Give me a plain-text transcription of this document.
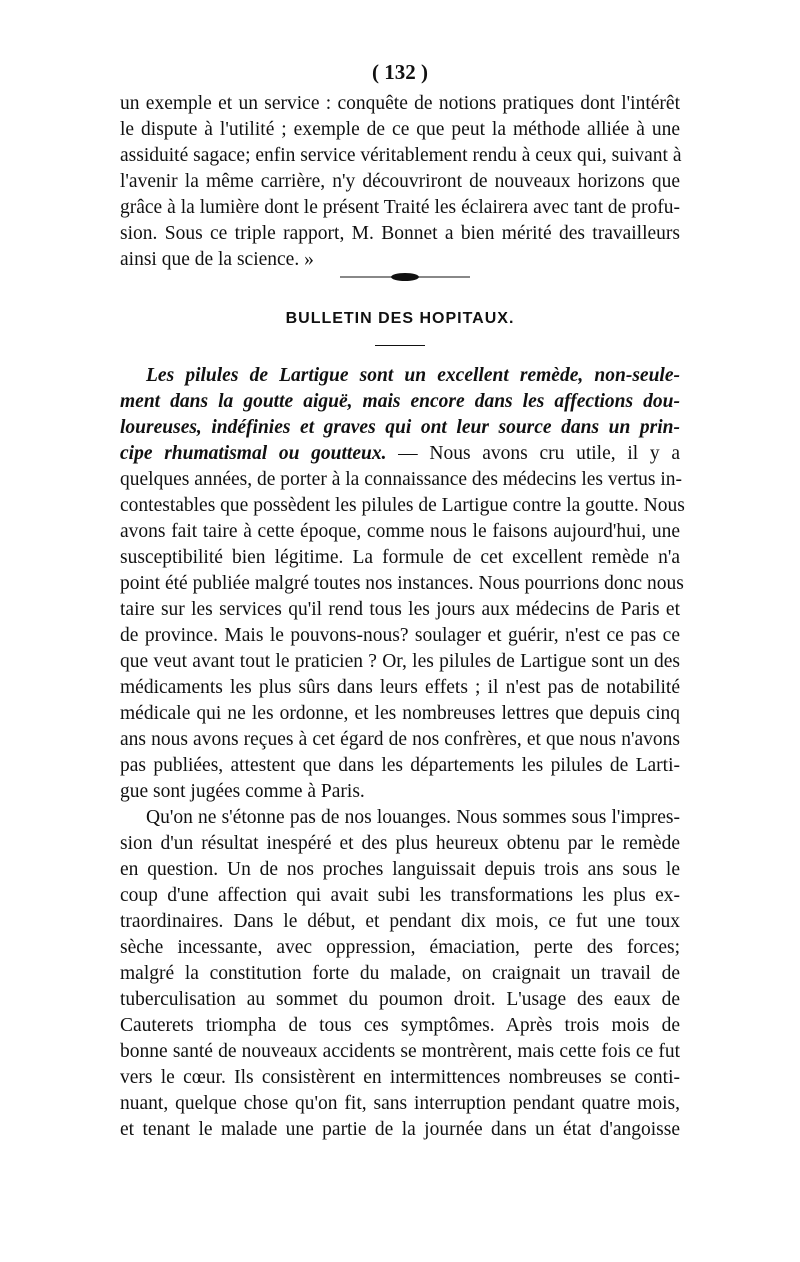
( 132 )
un exemple et un service : conquête de notions pratiques dont l'intérêt
le dispute à l'utilité ; exemple de ce que peut la méthode alliée à une
assiduité sagace; enfin service véritablement rendu à ceux qui, suivant à
l'avenir la même carrière, n'y découvriront de nouveaux horizons que
grâce à la lumière dont le présent Traité les éclairera avec tant de profu-
sion. Sous ce triple rapport, M. Bonnet a bien mérité des travailleurs
ainsi que de la science. »
BULLETIN DES HOPITAUX.
Les pilules de Lartigue sont un excellent remède, non-seule-
ment dans la goutte aiguë, mais encore dans les affections dou-
loureuses, indéfinies et graves qui ont leur source dans un prin-
cipe rhumatismal ou goutteux. — Nous avons cru utile, il y a
quelques années, de porter à la connaissance des médecins les vertus in-
contestables que possèdent les pilules de Lartigue contre la goutte. Nous
avons fait taire à cette époque, comme nous le faisons aujourd'hui, une
susceptibilité bien légitime. La formule de cet excellent remède n'a
point été publiée malgré toutes nos instances. Nous pourrions donc nous
taire sur les services qu'il rend tous les jours aux médecins de Paris et
de province. Mais le pouvons-nous? soulager et guérir, n'est ce pas ce
que veut avant tout le praticien ? Or, les pilules de Lartigue sont un des
médicaments les plus sûrs dans leurs effets ; il n'est pas de notabilité
médicale qui ne les ordonne, et les nombreuses lettres que depuis cinq
ans nous avons reçues à cet égard de nos confrères, et que nous n'avons
pas publiées, attestent que dans les départements les pilules de Larti-
gue sont jugées comme à Paris.
Qu'on ne s'étonne pas de nos louanges. Nous sommes sous l'impres-
sion d'un résultat inespéré et des plus heureux obtenu par le remède
en question. Un de nos proches languissait depuis trois ans sous le
coup d'une affection qui avait subi les transformations les plus ex-
traordinaires. Dans le début, et pendant dix mois, ce fut une toux
sèche incessante, avec oppression, émaciation, perte des forces;
malgré la constitution forte du malade, on craignait un travail de
tuberculisation au sommet du poumon droit. L'usage des eaux de
Cauterets triompha de tous ces symptômes. Après trois mois de
bonne santé de nouveaux accidents se montrèrent, mais cette fois ce fut
vers le cœur. Ils consistèrent en intermittences nombreuses se conti-
nuant, quelque chose qu'on fit, sans interruption pendant quatre mois,
et tenant le malade une partie de la journée dans un état d'angoisse
